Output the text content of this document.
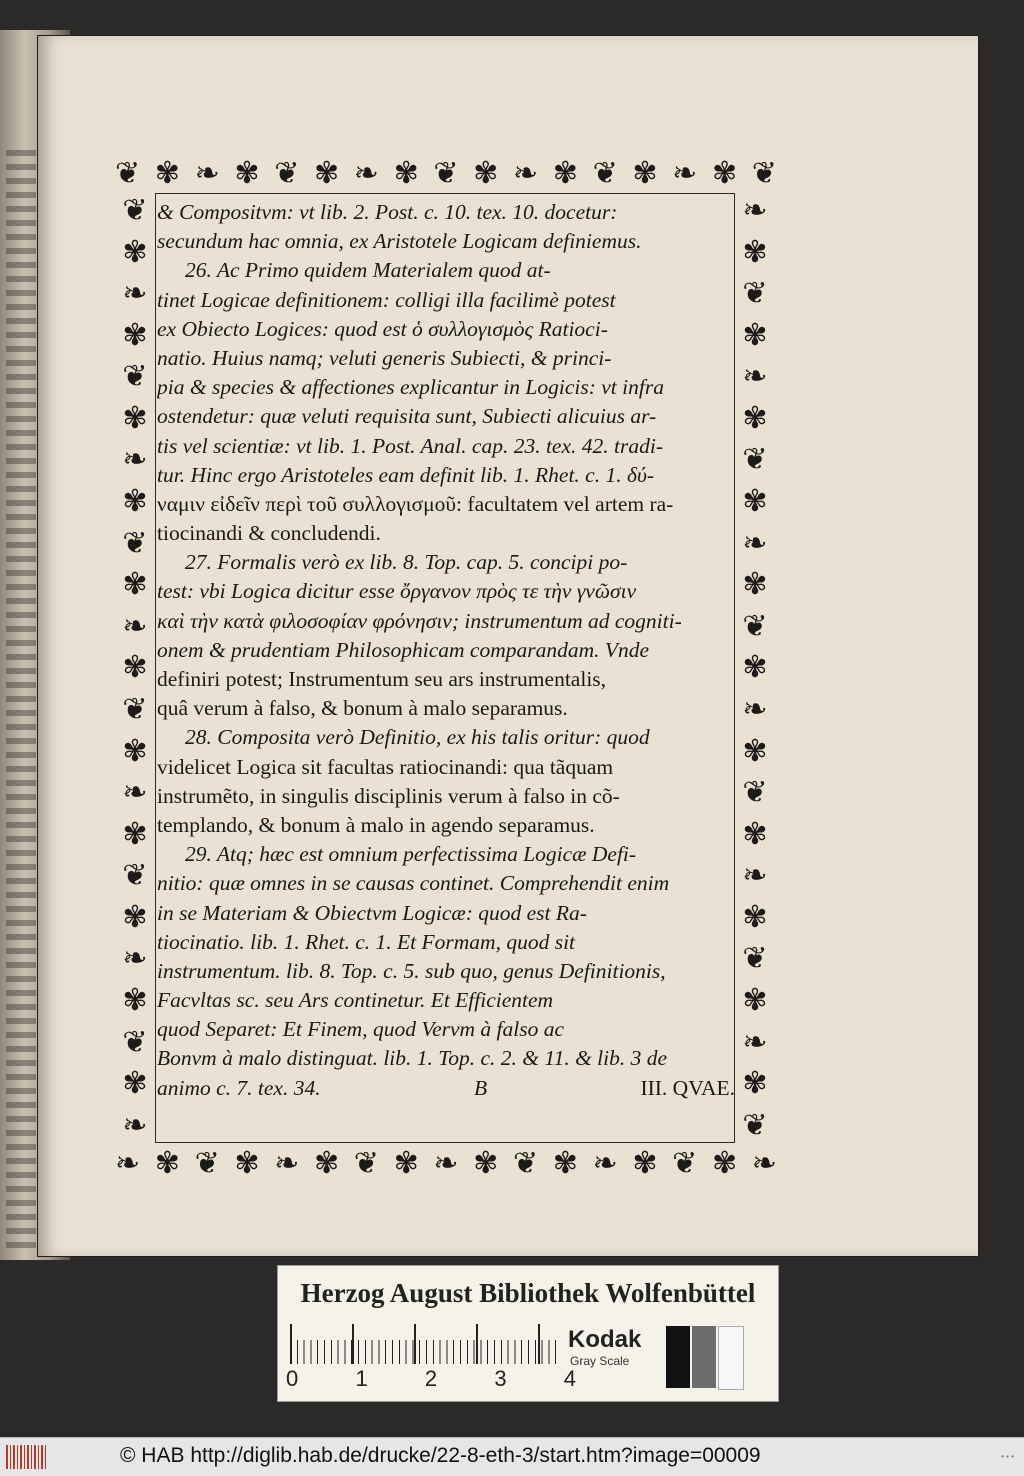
❦ ✾ ❧ ✾ ❦ ✾ ❧ ✾ ❦ ✾ ❧ ✾ ❦ ✾ ❧ ✾ ❦
❧ ✾ ❦ ✾ ❧ ✾ ❦ ✾ ❧ ✾ ❦ ✾ ❧ ✾ ❦ ✾ ❧
❦
✾
❧
✾
❦
✾
❧
✾
❦
✾
❧
✾
❦
✾
❧
✾
❦
✾
❧
✾
❦
✾
❧
❧
✾
❦
✾
❧
✾
❦
✾
❧
✾
❦
✾
❧
✾
❦
✾
❧
✾
❦
✾
❧
✾
❦
& Compositvm: vt lib. 2. Post. c. 10. tex. 10. docetur:
secundum hac omnia, ex Aristotele Logicam definiemus.
26. Ac Primo quidem Materialem quod at-
tinet Logicae definitionem: colligi illa facilimè potest
ex Obiecto Logices: quod est ὁ συλλογισμὸς Ratioci-
natio. Huius namq; veluti generis Subiecti, & princi-
pia & species & affectiones explicantur in Logicis: vt infra
ostendetur: quæ veluti requisita sunt, Subiecti alicuius ar-
tis vel scientiæ: vt lib. 1. Post. Anal. cap. 23. tex. 42. tradi-
tur. Hinc ergo Aristoteles eam definit lib. 1. Rhet. c. 1. δύ-
ναμιν εἰδεῖν περὶ τοῦ συλλογισμοῦ: facultatem vel artem ra-
tiocinandi & concludendi.
27. Formalis verò ex lib. 8. Top. cap. 5. concipi po-
test: vbi Logica dicitur esse ὄργανον πρὸς τε τὴν γνῶσιν
καὶ τὴν κατὰ φιλοσοφίαν φρόνησιν; instrumentum ad cogniti-
onem & prudentiam Philosophicam comparandam. Vnde
definiri potest; Instrumentum seu ars instrumentalis,
quâ verum à falso, & bonum à malo separamus.
28. Composita verò Definitio, ex his talis oritur: quod
videlicet Logica sit facultas ratiocinandi: qua tãquam
instrumẽto, in singulis disciplinis verum à falso in cõ-
templando, & bonum à malo in agendo separamus.
29. Atq; hæc est omnium perfectissima Logicæ Defi-
nitio: quæ omnes in se causas continet. Comprehendit enim
in se Materiam & Obiectvm Logicæ: quod est Ra-
tiocinatio. lib. 1. Rhet. c. 1. Et Formam, quod sit
instrumentum. lib. 8. Top. c. 5. sub quo, genus Definitionis,
Facvltas sc. seu Ars continetur. Et Efficientem
quod Separet: Et Finem, quod Vervm à falso ac
Bonvm à malo distinguat. lib. 1. Top. c. 2. & 11. & lib. 3 de
animo c. 7. tex. 34.	B	III. QVAE.
Herzog August Bibliothek Wolfenbüttel
0	1	2	3	4
Kodak
Gray Scale
© HAB http://diglib.hab.de/drucke/22-8-eth-3/start.htm?image=00009	• • •
